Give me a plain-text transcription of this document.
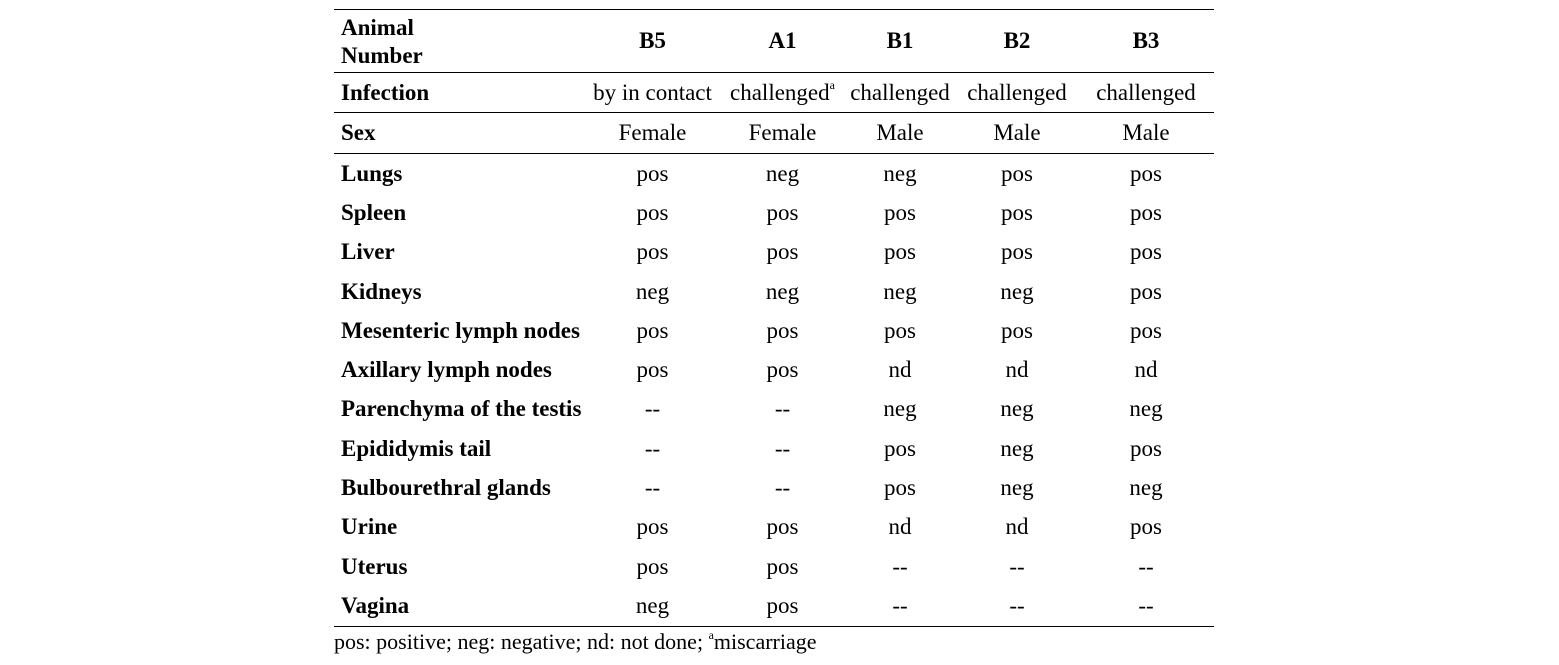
Animal
Number	B5	A1	B1	B2	B3
Infection	by in contact	challenged$^a$	challenged	challenged	challenged
Sex	Female	Female	Male	Male	Male
Lungs	pos	neg	neg	pos	pos
Spleen	pos	pos	pos	pos	pos
Liver	pos	pos	pos	pos	pos
Kidneys	neg	neg	neg	neg	pos
Mesenteric lymph nodes	pos	pos	pos	pos	pos
Axillary lymph nodes	pos	pos	nd	nd	nd
Parenchyma of the testis	--	--	neg	neg	neg
Epididymis tail	--	--	pos	neg	pos
Bulbourethral glands	--	--	pos	neg	neg
Urine	pos	pos	nd	nd	pos
Uterus	pos	pos	--	--	--
Vagina	neg	pos	--	--	--
pos: positive; neg: negative; nd: not done; $^a$miscarriage
